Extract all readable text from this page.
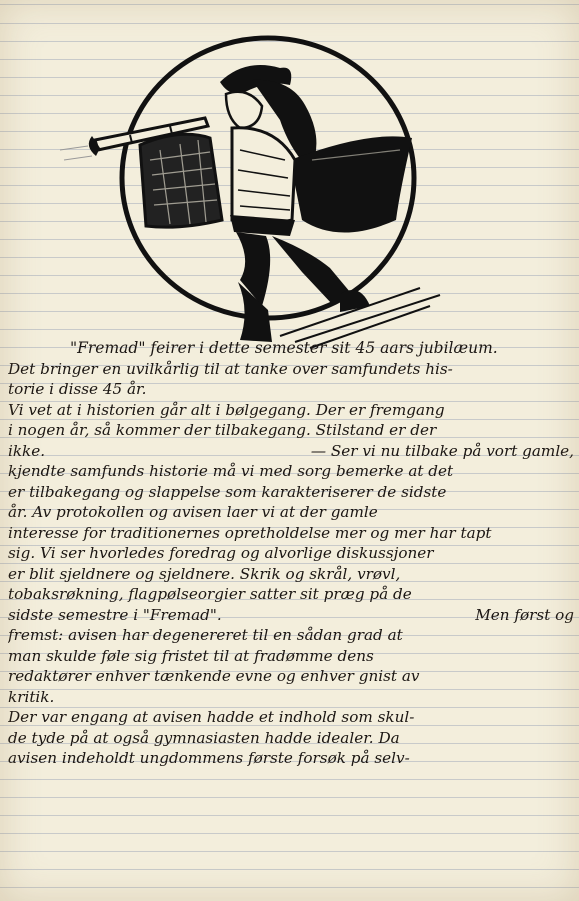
"Fremad" feirer i dette semester sit 45 aars jubilæum.
Det bringer en uvilkårlig til at tanke over samfundets his-
torie i disse 45 år.
Vi vet at i historien går alt i bølgegang. Der er fremgang
i nogen år, så kommer der tilbakegang. Stilstand er der
ikke.	— Ser vi nu tilbake på vort gamle,
kjendte samfunds historie må vi med sorg bemerke at det
er tilbakegang og slappelse som karakteriserer de sidste
år. Av protokollen og avisen laer vi at der gamle
interesse for traditionernes opretholdelse mer og mer har tapt
sig. Vi ser hvorledes foredrag og alvorlige diskussjoner
er blit sjeldnere og sjeldnere. Skrik og skrål, vrøvl,
tobaksrøkning, flagpølseorgier satter sit præg på de
sidste semestre i "Fremad".	Men først og
fremst: avisen har degenereret til en sådan grad at
man skulde føle sig fristet til at fradømme dens
redaktører enhver tænkende evne og enhver gnist av
kritik.
Der var engang at avisen hadde et indhold som skul-
de tyde på at også gymnasiasten hadde idealer. Da
avisen indeholdt ungdommens første forsøk på selv-
